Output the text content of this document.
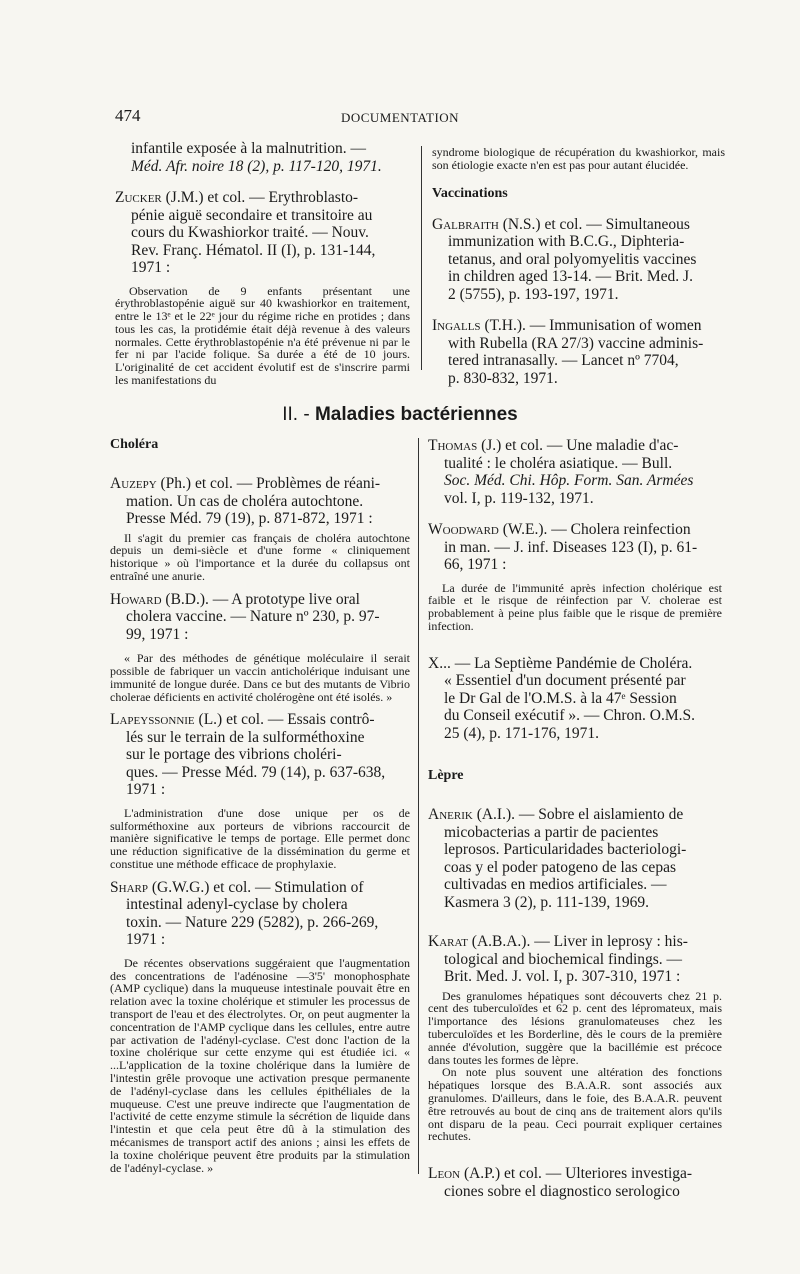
474	DOCUMENTATION

infantile exposée à la malnutrition. —
Méd. Afr. noire 18 (2), p. 117-120, 1971.

Zucker (J.M.) et col. — Erythroblasto-
pénie aiguë secondaire et transitoire au
cours du Kwashiorkor traité. — Nouv.
Rev. Franç. Hématol. II (I), p. 131-144,
1971 :

Observation de 9 enfants présentant une érythroblastopénie aiguë sur 40 kwashiorkor en traitement, entre le 13ᵉ et le 22ᵉ jour du régime riche en protides ; dans tous les cas, la protidémie était déjà revenue à des valeurs normales. Cette érythroblastopénie n'a été prévenue ni par le fer ni par l'acide folique. Sa durée a été de 10 jours. L'originalité de cet accident évolutif est de s'inscrire parmi les manifestations du

syndrome biologique de récupération du kwashiorkor, mais son étiologie exacte n'en est pas pour autant élucidée.

Vaccinations

Galbraith (N.S.) et col. — Simultaneous
immunization with B.C.G., Diphteria-
tetanus, and oral polyomyelitis vaccines
in children aged 13-14. — Brit. Med. J.
2 (5755), p. 193-197, 1971.

Ingalls (T.H.). — Immunisation of women
with Rubella (RA 27/3) vaccine adminis-
tered intranasally. — Lancet nº 7704,
p. 830-832, 1971.

II. - Maladies bactériennes

Choléra

Auzepy (Ph.) et col. — Problèmes de réani-
mation. Un cas de choléra autochtone.
Presse Méd. 79 (19), p. 871-872, 1971 :

Il s'agit du premier cas français de choléra autochtone depuis un demi-siècle et d'une forme « cliniquement historique » où l'importance et la durée du collapsus ont entraîné une anurie.

Howard (B.D.). — A prototype live oral
cholera vaccine. — Nature nº 230, p. 97-
99, 1971 :

« Par des méthodes de génétique moléculaire il serait possible de fabriquer un vaccin anticholérique induisant une immunité de longue durée. Dans ce but des mutants de Vibrio cholerae déficients en activité cholérogène ont été isolés. »

Lapeyssonnie (L.) et col. — Essais contrô-
lés sur le terrain de la sulforméthoxine
sur le portage des vibrions choléri-
ques. — Presse Méd. 79 (14), p. 637-638,
1971 :

L'administration d'une dose unique per os de sulforméthoxine aux porteurs de vibrions raccourcit de manière significative le temps de portage. Elle permet donc une réduction significative de la dissémination du germe et constitue une méthode efficace de prophylaxie.

Sharp (G.W.G.) et col. — Stimulation of
intestinal adenyl-cyclase by cholera
toxin. — Nature 229 (5282), p. 266-269,
1971 :

De récentes observations suggéraient que l'augmentation des concentrations de l'adénosine —3'5' monophosphate (AMP cyclique) dans la muqueuse intestinale pouvait être en relation avec la toxine cholérique et stimuler les processus de transport de l'eau et des électrolytes. Or, on peut augmenter la concentration de l'AMP cyclique dans les cellules, entre autre par activation de l'adényl-cyclase. C'est donc l'action de la toxine cholérique sur cette enzyme qui est étudiée ici. « ...L'application de la toxine cholérique dans la lumière de l'intestin grêle provoque une activation presque permanente de l'adényl-cyclase dans les cellules épithéliales de la muqueuse. C'est une preuve indirecte que l'augmentation de l'activité de cette enzyme stimule la sécrétion de liquide dans l'intestin et que cela peut être dû à la stimulation des mécanismes de transport actif des anions ; ainsi les effets de la toxine cholérique peuvent être produits par la stimulation de l'adényl-cyclase. »

Thomas (J.) et col. — Une maladie d'ac-
tualité : le choléra asiatique. — Bull.
Soc. Méd. Chi. Hôp. Form. San. Armées
vol. I, p. 119-132, 1971.

Woodward (W.E.). — Cholera reinfection
in man. — J. inf. Diseases 123 (I), p. 61-
66, 1971 :

La durée de l'immunité après infection cholérique est faible et le risque de réinfection par V. cholerae est probablement à peine plus faible que le risque de première infection.

X... — La Septième Pandémie de Choléra.
« Essentiel d'un document présenté par
le Dr Gal de l'O.M.S. à la 47ᵉ Session
du Conseil exécutif ». — Chron. O.M.S.
25 (4), p. 171-176, 1971.

Lèpre

Anerik (A.I.). — Sobre el aislamiento de
micobacterias a partir de pacientes
leprosos. Particularidades bacteriologi-
coas y el poder patogeno de las cepas
cultivadas en medios artificiales. —
Kasmera 3 (2), p. 111-139, 1969.

Karat (A.B.A.). — Liver in leprosy : his-
tological and biochemical findings. —
Brit. Med. J. vol. I, p. 307-310, 1971 :

Des granulomes hépatiques sont découverts chez 21 p. cent des tuberculoïdes et 62 p. cent des lépromateux, mais l'importance des lésions granulomateuses chez les tuberculoïdes et les Borderline, dès le cours de la première année d'évolution, suggère que la bacillémie est précoce dans toutes les formes de lèpre.

On note plus souvent une altération des fonctions hépatiques lorsque des B.A.A.R. sont associés aux granulomes. D'ailleurs, dans le foie, des B.A.A.R. peuvent être retrouvés au bout de cinq ans de traitement alors qu'ils ont disparu de la peau. Ceci pourrait expliquer certaines rechutes.

Leon (A.P.) et col. — Ulteriores investiga-
ciones sobre el diagnostico serologico
